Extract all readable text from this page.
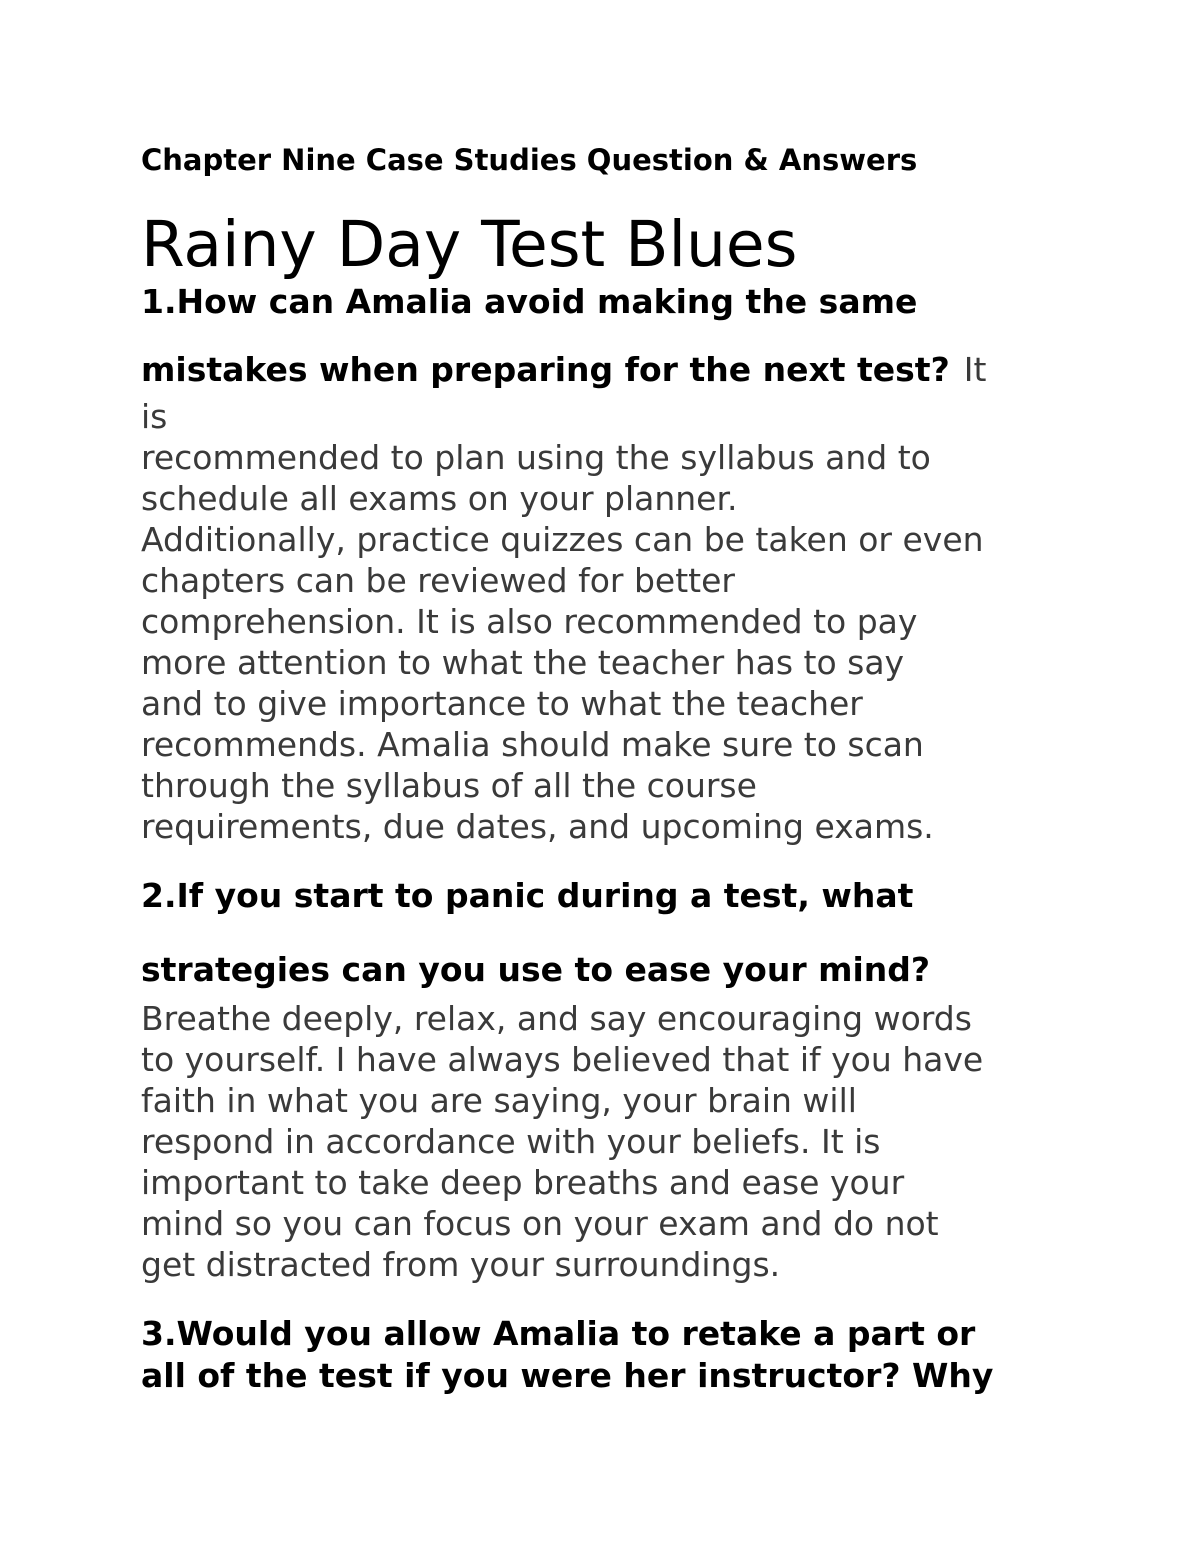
Chapter Nine Case Studies Question & Answers
Rainy Day Test Blues

1.How can Amalia avoid making the same

mistakes when preparing for the next test? It

is
recommended to plan using the syllabus and to
schedule all exams on your planner.
Additionally, practice quizzes can be taken or even
chapters can be reviewed for better
comprehension. It is also recommended to pay
more attention to what the teacher has to say
and to give importance to what the teacher
recommends. Amalia should make sure to scan
through the syllabus of all the course
requirements, due dates, and upcoming exams.

2.If you start to panic during a test, what

strategies can you use to ease your mind?

Breathe deeply, relax, and say encouraging words
to yourself. I have always believed that if you have
faith in what you are saying, your brain will
respond in accordance with your beliefs. It is
important to take deep breaths and ease your
mind so you can focus on your exam and do not
get distracted from your surroundings.

3.Would you allow Amalia to retake a part or

all of the test if you were her instructor? Why
